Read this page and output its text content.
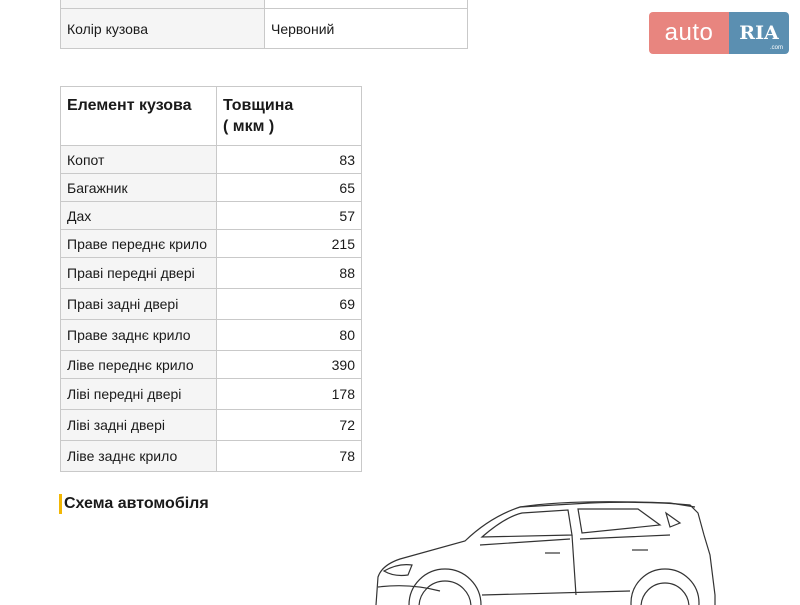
Колір кузова	Червоний	auto	RIA
.com
Елемент кузова	Товщина
( мкм )
Копот	83
Багажник	65
Дах	57
Праве переднє крило	215
Праві передні двері	88
Праві задні двері	69
Праве заднє крило	80
Ліве переднє крило	390
Ліві передні двері	178
Ліві задні двері	72
Ліве заднє крило	78
Схема автомобіля
